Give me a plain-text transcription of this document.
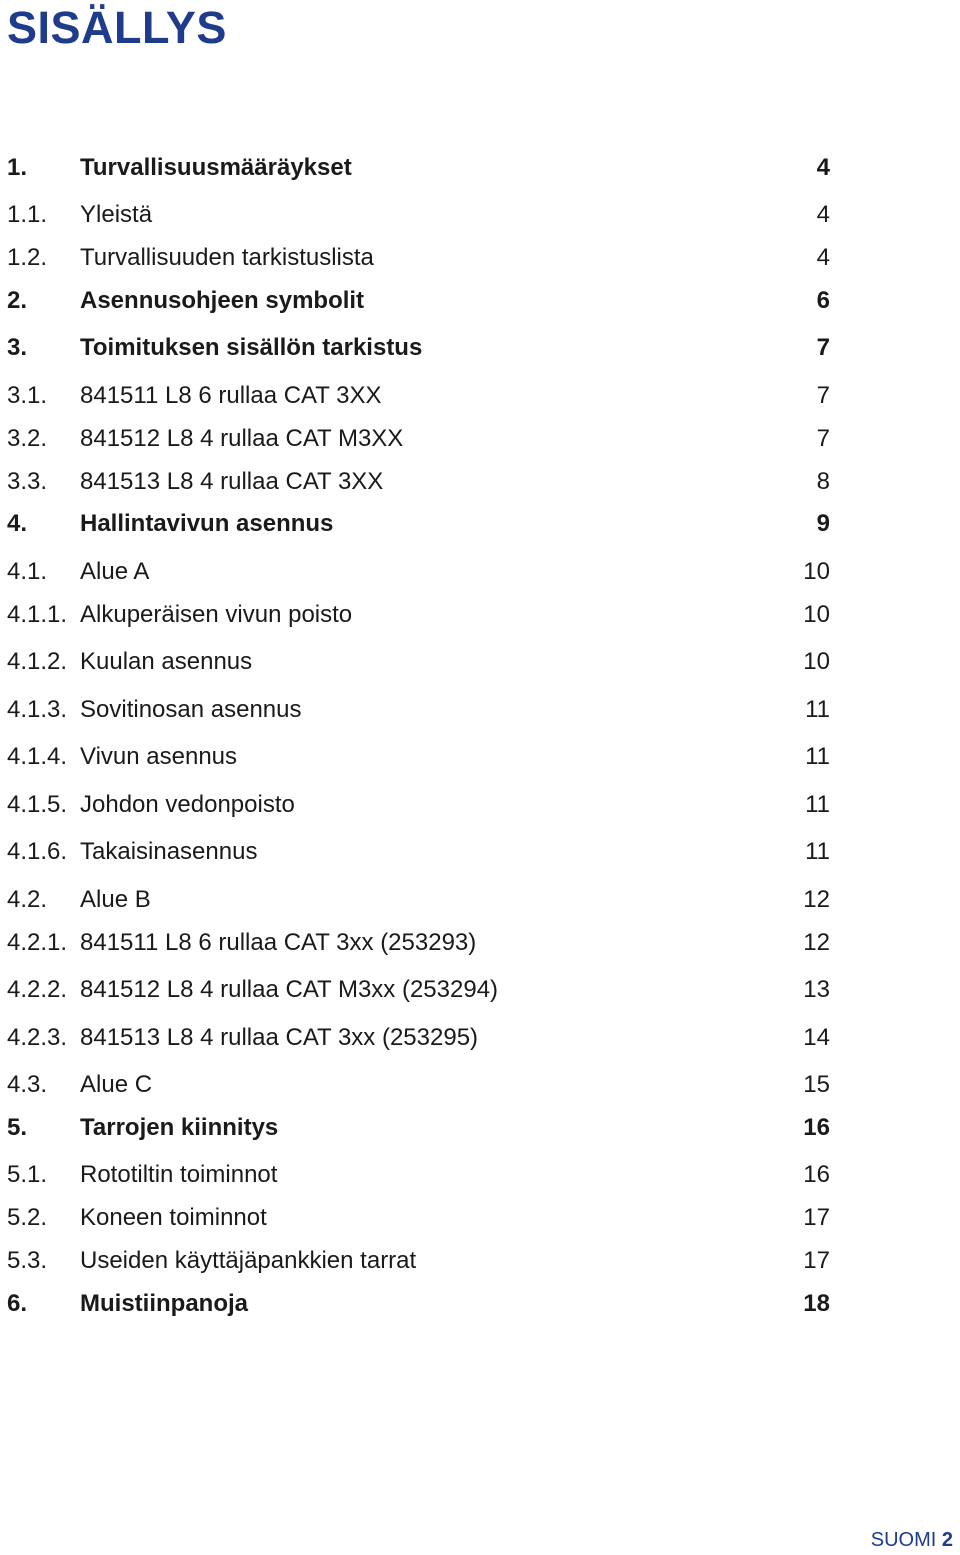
SISÄLLYS
1. Turvallisuusmääräykset	4
1.1. Yleistä	4
1.2. Turvallisuuden tarkistuslista	4
2. Asennusohjeen symbolit	6
3. Toimituksen sisällön tarkistus	7
3.1. 841511 L8 6 rullaa CAT 3XX	7
3.2. 841512 L8 4 rullaa CAT M3XX	7
3.3. 841513 L8 4 rullaa CAT 3XX	8
4. Hallintavivun asennus	9
4.1. Alue A	10
4.1.1. Alkuperäisen vivun poisto	10
4.1.2. Kuulan asennus	10
4.1.3. Sovitinosan asennus	11
4.1.4. Vivun asennus	11
4.1.5. Johdon vedonpoisto	11
4.1.6. Takaisinasennus	11
4.2. Alue B	12
4.2.1. 841511 L8 6 rullaa CAT 3xx (253293)	12
4.2.2. 841512 L8 4 rullaa CAT M3xx (253294)	13
4.2.3. 841513 L8 4 rullaa CAT 3xx (253295)	14
4.3. Alue C	15
5. Tarrojen kiinnitys	16
5.1. Rototiltin toiminnot	16
5.2. Koneen toiminnot	17
5.3. Useiden käyttäjäpankkien tarrat	17
6. Muistiinpanoja	18
SUOMI 2
